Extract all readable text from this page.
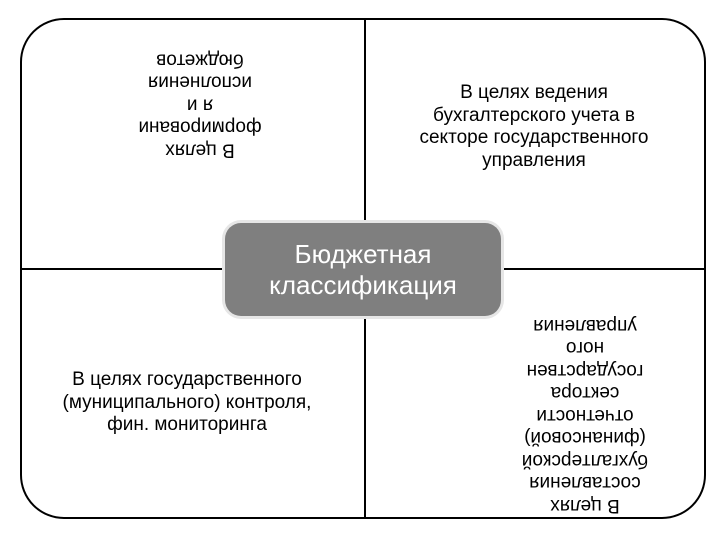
В целях
формировани
я и
исполнения
бюджетов
В целях ведения
бухгалтерского учета в
секторе государственного
управления
В целях государственного
(муниципального) контроля,
фин. мониторинга
В целях
составления
бухгалтерской
(финансовой)
отчетности
сектора
государствен
ного
управления
Бюджетная
классификация
